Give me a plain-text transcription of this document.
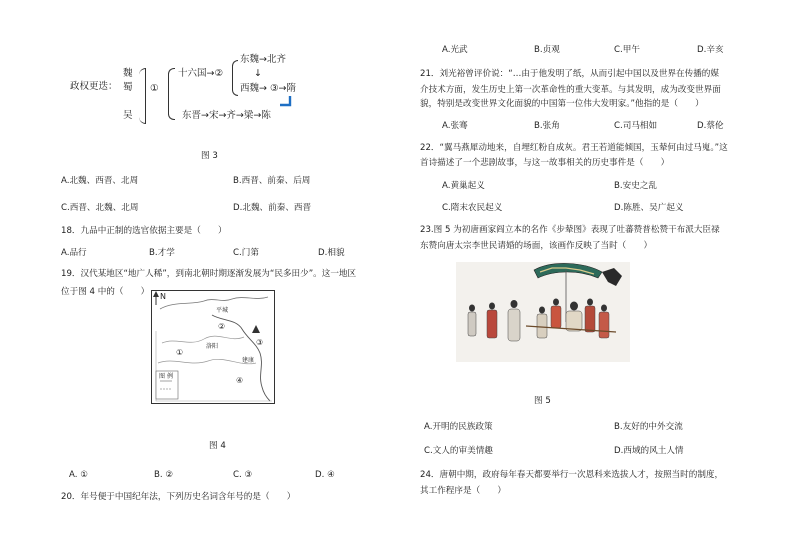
政权更迭：
魏
蜀
吴
①
十六国→②
东魏→北齐
↓
西魏→ ③→隋
东晋→宋→齐→梁→陈
图 3
A.北魏、西晋、北周	B.西晋、前秦、后周
C.西晋、北魏、北周	D.北魏、前秦、西晋
18．九品中正制的选官依据主要是（　　）
A.品行	B.才学	C.门第	D.相貌
19．汉代某地区“地广人稀”，到南北朝时期逐渐发展为“民多田少”。这一地区
位于图 4 中的（　　） N
平城
洛阳
建康
图 例
①
②
③
④
图 4
A. ①	B. ②	C. ③	D. ④
20．年号便于中国纪年法，下列历史名词含年号的是（　　）
A.光武	B.贞观	C.甲午	D.辛亥
21．刘光裕曾评价说：“…由于他发明了纸，从而引起中国以及世界在传播的媒
介技术方面，发生历史上第一次革命性的重大变革。与其发明，成为改变世界面
貌，特别是改变世界文化面貌的中国第一位伟大发明家。”他指的是（　　）
A.张骞	B.张角	C.司马相如	D.蔡伦
22．“翼马燕犀动地来，自埋红粉自成灰。君王若道能倾国，玉辇何由过马嵬。”这
首诗描述了一个悲剧故事，与这一故事相关的历史事件是（　　）
A.黄巢起义	B.安史之乱
C.隋末农民起义	D.陈胜、吴广起义
23.图 5 为初唐画家阎立本的名作《步辇图》表现了吐蕃赞普松赞干布派大臣禄
东赞向唐太宗李世民请婚的场面，该画作反映了当时（　　）
图 5
A.开明的民族政策	B.友好的中外交流
C.文人的审美情趣	D.西域的风土人情
24．唐朝中期，政府每年春天都要举行一次恩科来选拔人才，按照当时的制度，
其工作程序是（　　）
